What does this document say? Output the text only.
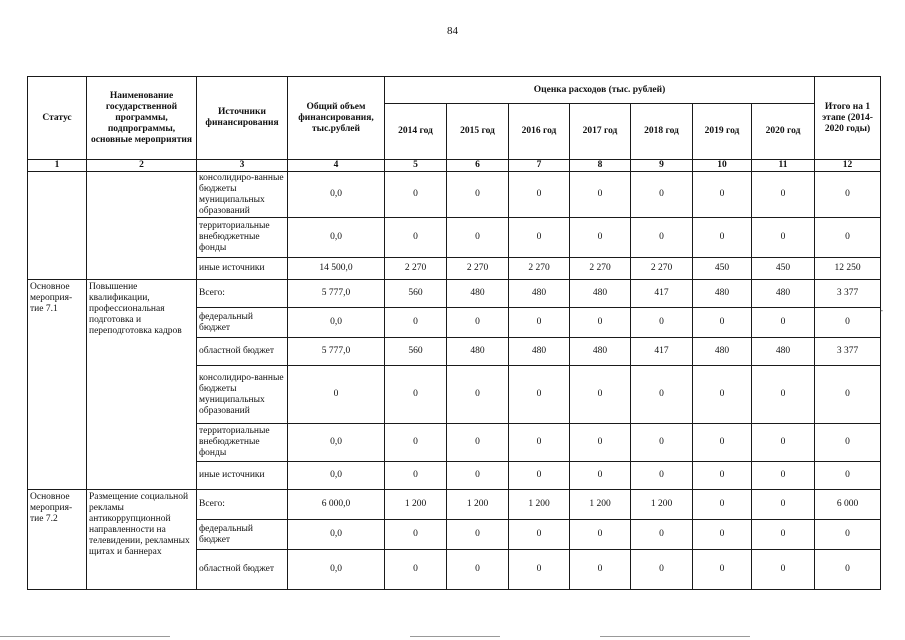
84
Статус	Наименование государственной программы, подпрограммы, основные мероприятия	Источники финансирования	Общий объем финансирования, тыс.рублей	Оценка расходов (тыс. рублей)							Итого на 1 этапе (2014-2020 годы)
				2014 год	2015 год	2016 год	2017 год	2018 год	2019 год	2020 год	
1	2	3	4	5	6	7	8	9	10	11	12
		консолидиро-ванные бюджеты муниципальных образований	0,0	0	0	0	0	0	0	0	0
		территориальные внебюджетные фонды	0,0	0	0	0	0	0	0	0	0
		иные источники	14 500,0	2 270	2 270	2 270	2 270	2 270	450	450	12 250
Основное мероприя-тие 7.1	Повышение квалификации, профессиональная подготовка и переподготовка кадров	Всего:	5 777,0	560	480	480	480	417	480	480	3 377
		федеральный бюджет	0,0	0	0	0	0	0	0	0	0
		областной бюджет	5 777,0	560	480	480	480	417	480	480	3 377
		консолидиро-ванные бюджеты муниципальных образований	0	0	0	0	0	0	0	0	0
		территориальные внебюджетные фонды	0,0	0	0	0	0	0	0	0	0
		иные источники	0,0	0	0	0	0	0	0	0	0
Основное мероприя-тие 7.2	Размещение социальной рекламы антикоррупционной направленности на телевидении, рекламных щитах и баннерах	Всего:	6 000,0	1 200	1 200	1 200	1 200	1 200	0	0	6 000
		федеральный бюджет	0,0	0	0	0	0	0	0	0	0
		областной бюджет	0,0	0	0	0	0	0	0	0	0
-
